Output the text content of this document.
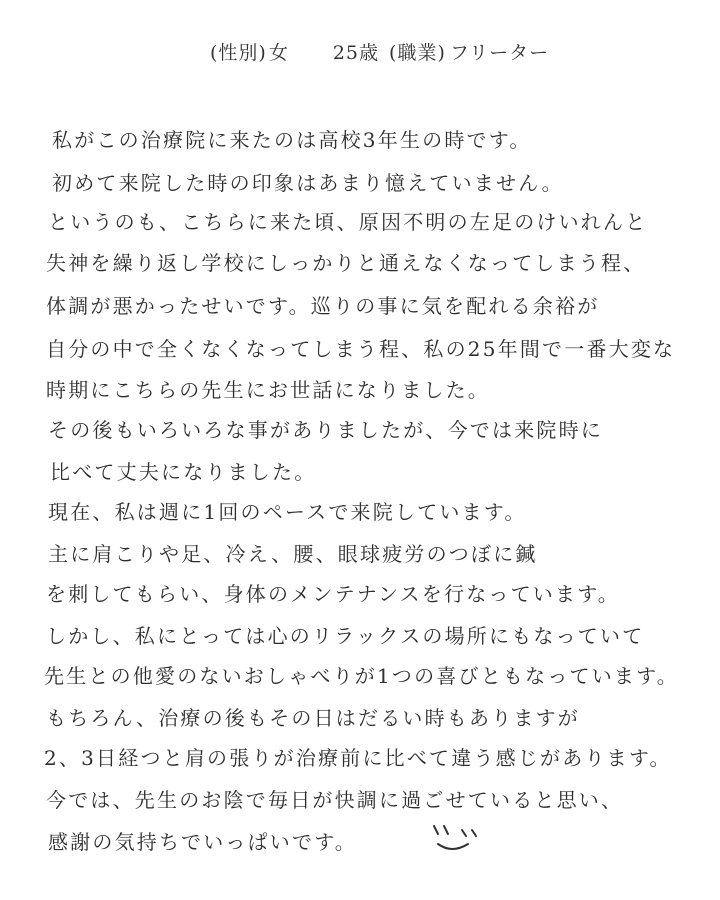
(性別) 女 25歳 (職業) フリーター
私がこの治療院に来たのは高校3年生の時です。
初めて来院した時の印象はあまり憶えていません。
というのも、こちらに来た頃、原因不明の左足のけいれんと
失神を繰り返し学校にしっかりと通えなくなってしまう程、
体調が悪かったせいです。巡りの事に気を配れる余裕が
自分の中で全くなくなってしまう程、私の25年間で一番大変な
時期にこちらの先生にお世話になりました。
その後もいろいろな事がありましたが、今では来院時に
比べて丈夫になりました。
現在、私は週に1回のペースで来院しています。
主に肩こりや足、冷え、腰、眼球疲労のつぼに鍼
を刺してもらい、身体のメンテナンスを行なっています。
しかし、私にとっては心のリラックスの場所にもなっていて
先生との他愛のないおしゃべりが1つの喜びともなっています。
もちろん、治療の後もその日はだるい時もありますが
2、3日経つと肩の張りが治療前に比べて違う感じがあります。
今では、先生のお陰で毎日が快調に過ごせていると思い、
感謝の気持ちでいっぱいです。
